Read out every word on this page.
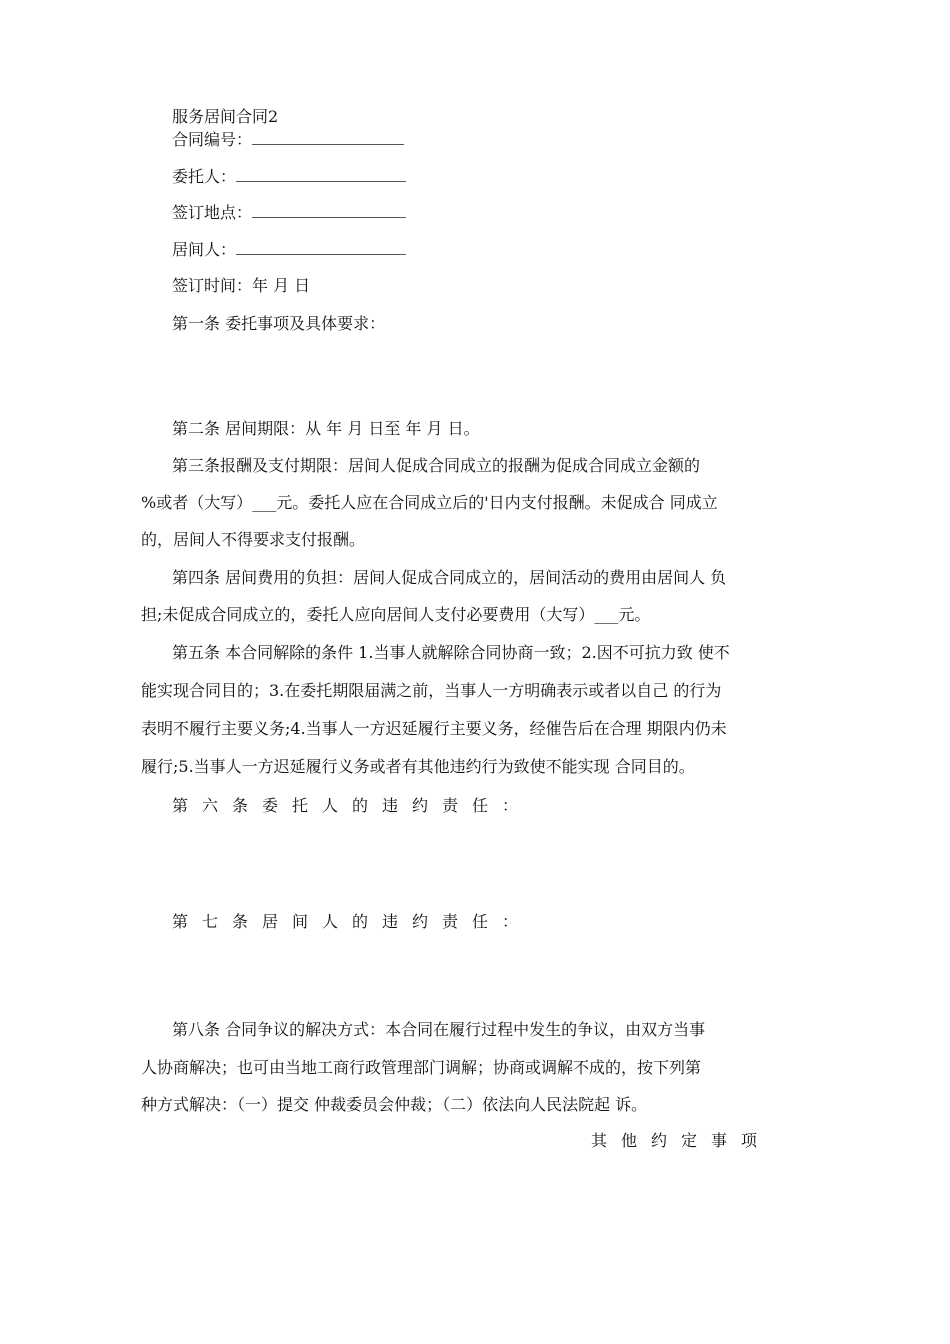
服务居间合同2
合同编号：
委托人：
签订地点：
居间人：
签订时间：年 月 日
第一条 委托事项及具体要求：
第二条 居间期限：从 年 月 日至 年 月 日。
第三条报酬及支付期限：居间人促成合同成立的报酬为促成合同成立金额的
%或者（大写）___元。委托人应在合同成立后的'日内支付报酬。未促成合 同成立
的，居间人不得要求支付报酬。
第四条 居间费用的负担：居间人促成合同成立的，居间活动的费用由居间人 负
担;未促成合同成立的，委托人应向居间人支付必要费用（大写）___元。
第五条 本合同解除的条件 1.当事人就解除合同协商一致；2.因不可抗力致 使不
能实现合同目的；3.在委托期限届满之前，当事人一方明确表示或者以自己 的行为
表明不履行主要义务;4.当事人一方迟延履行主要义务，经催告后在合理 期限内仍未
履行;5.当事人一方迟延履行义务或者有其他违约行为致使不能实现 合同目的。
第六条委托人的违约责任：
第七条居间人的违约责任：
第八条 合同争议的解决方式：本合同在履行过程中发生的争议，由双方当事
人协商解决；也可由当地工商行政管理部门调解；协商或调解不成的，按下列第
种方式解决：（一）提交 仲裁委员会仲裁；（二）依法向人民法院起 诉。
其他约定事项
